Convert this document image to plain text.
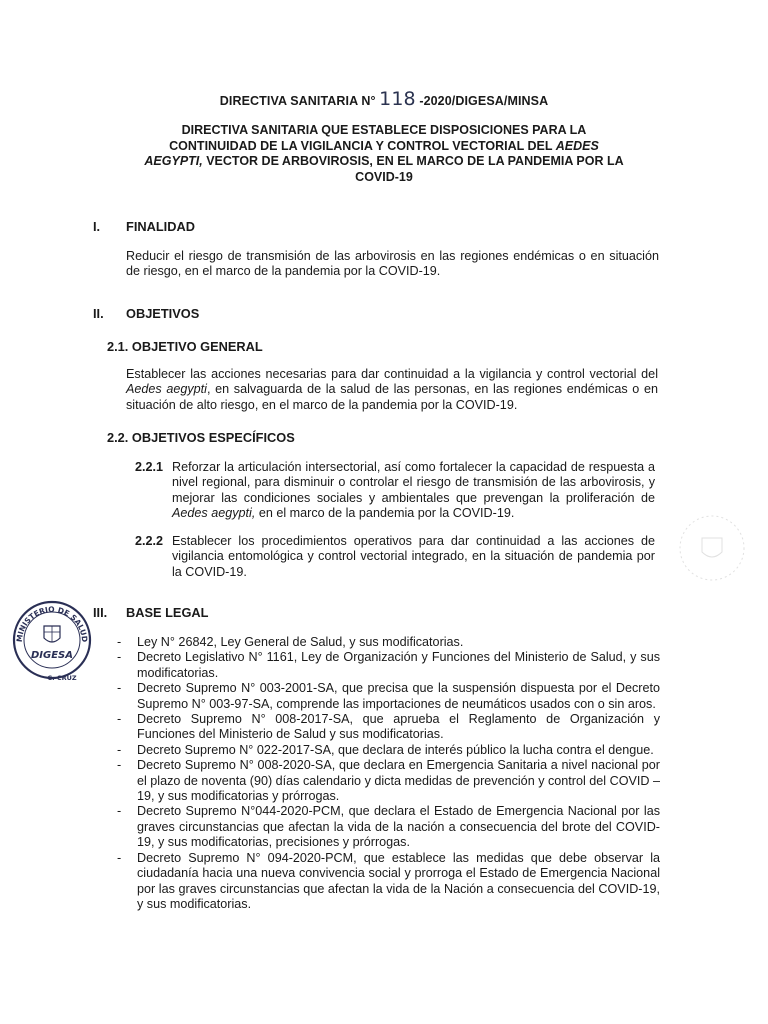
DIRECTIVA SANITARIA N° 118 -2020/DIGESA/MINSA
DIRECTIVA SANITARIA QUE ESTABLECE DISPOSICIONES PARA LA
CONTINUIDAD DE LA VIGILANCIA Y CONTROL VECTORIAL DEL AEDES
AEGYPTI, VECTOR DE ARBOVIROSIS, EN EL MARCO DE LA PANDEMIA POR LA
COVID-19
I. FINALIDAD
Reducir el riesgo de transmisión de las arbovirosis en las regiones endémicas o en situación de riesgo, en el marco de la pandemia por la COVID-19.
II. OBJETIVOS
2.1. OBJETIVO GENERAL
Establecer las acciones necesarias para dar continuidad a la vigilancia y control vectorial del Aedes aegypti, en salvaguarda de la salud de las personas, en las regiones endémicas o en situación de alto riesgo, en el marco de la pandemia por la COVID-19.
2.2. OBJETIVOS ESPECÍFICOS
2.2.1 Reforzar la articulación intersectorial, así como fortalecer la capacidad de respuesta a nivel regional, para disminuir o controlar el riesgo de transmisión de las arbovirosis, y mejorar las condiciones sociales y ambientales que prevengan la proliferación de Aedes aegypti, en el marco de la pandemia por la COVID-19.
2.2.2 Establecer los procedimientos operativos para dar continuidad a las acciones de vigilancia entomológica y control vectorial integrado, en la situación de pandemia por la COVID-19.
III. BASE LEGAL
- Ley N° 26842, Ley General de Salud, y sus modificatorias.
- Decreto Legislativo N° 1161, Ley de Organización y Funciones del Ministerio de Salud, y sus modificatorias.
- Decreto Supremo N° 003-2001-SA, que precisa que la suspensión dispuesta por el Decreto Supremo N° 003-97-SA, comprende las importaciones de neumáticos usados con o sin aros.
- Decreto Supremo N° 008-2017-SA, que aprueba el Reglamento de Organización y Funciones del Ministerio de Salud y sus modificatorias.
- Decreto Supremo N° 022-2017-SA, que declara de interés público la lucha contra el dengue.
- Decreto Supremo N° 008-2020-SA, que declara en Emergencia Sanitaria a nivel nacional por el plazo de noventa (90) días calendario y dicta medidas de prevención y control del COVID – 19, y sus modificatorias y prórrogas.
- Decreto Supremo N°044-2020-PCM, que declara el Estado de Emergencia Nacional por las graves circunstancias que afectan la vida de la nación a consecuencia del brote del COVID-19, y sus modificatorias, precisiones y prórrogas.
- Decreto Supremo N° 094-2020-PCM, que establece las medidas que debe observar la ciudadanía hacia una nueva convivencia social y prorroga el Estado de Emergencia Nacional por las graves circunstancias que afectan la vida de la Nación a consecuencia del COVID-19, y sus modificatorias.
MINISTERIO DE SALUD
DIGESA
C. CRUZ
